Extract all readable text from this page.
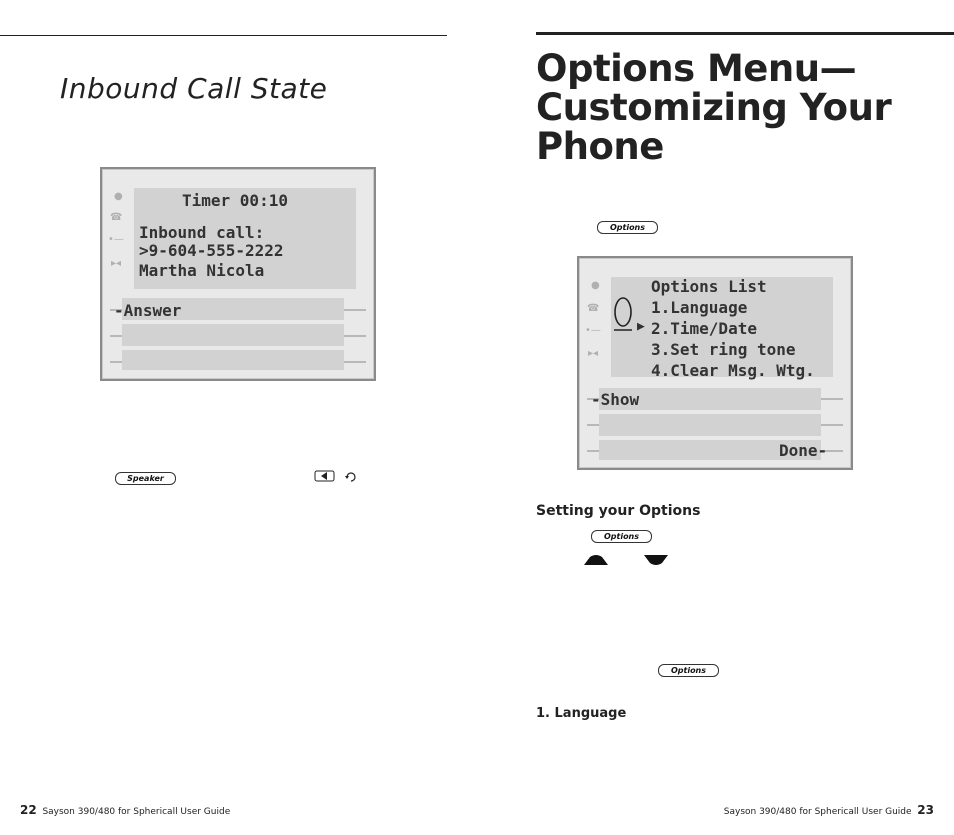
Inbound Call State
●
☎
•—
▸◂
Timer 00:10
Inbound call:
>9-604-555-2222
Martha Nicola
-Answer
Speaker
Options Menu—
Customizing Your
Phone
Options
●
☎
•—
▸◂
Options List
1.Language
▶ 2.Time/Date
3.Set ring tone
4.Clear Msg. Wtg.
-Show
Done-
Setting your Options
Options
Options
1. Language
22 Sayson 390/480 for Sphericall User Guide	Sayson 390/480 for Sphericall User Guide 23
